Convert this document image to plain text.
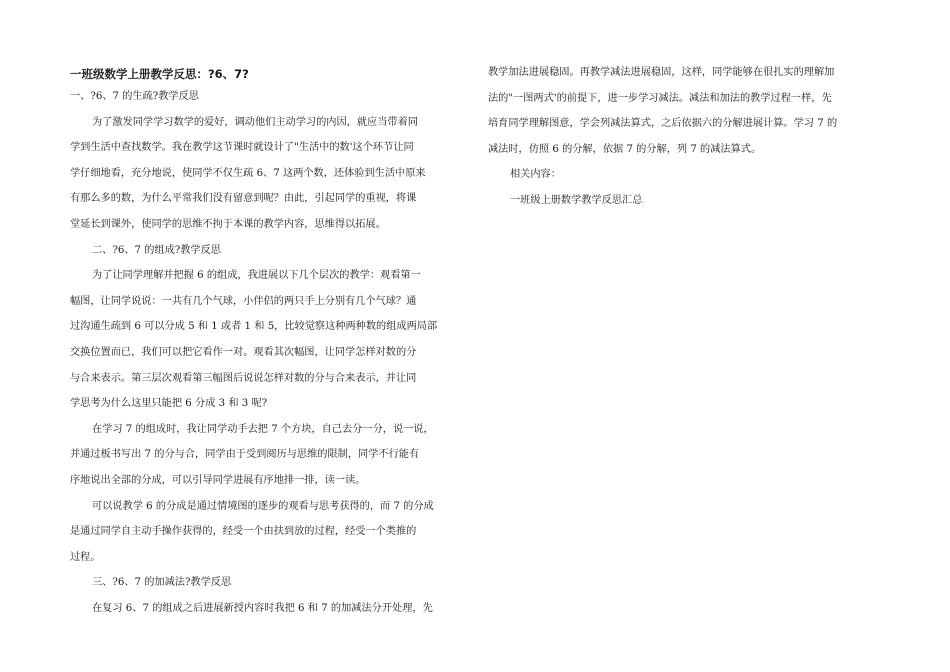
一班级数学上册教学反思：?6、7?
一、?6、7 的生疏?教学反思
为了激发同学学习数学的爱好，调动他们主动学习的内因，就应当带着同
学到生活中查找数学。我在教学这节课时就设计了"生活中的数'这个环节让同
学仔细地看，充分地说，使同学不仅生疏 6、7 这两个数，还体验到生活中原来
有那么多的数，为什么平常我们没有留意到呢？由此，引起同学的重视，将课
堂延长到课外，使同学的思维不拘于本课的教学内容，思维得以拓展。
二、?6、7 的组成?教学反思
为了让同学理解并把握 6 的组成，我进展以下几个层次的教学：观看第一
幅图，让同学说说：一共有几个气球，小伴侣的两只手上分别有几个气球？通
过沟通生疏到 6 可以分成 5 和 1 或者 1 和 5，比较觉察这种两种数的组成两局部
交换位置而已，我们可以把它看作一对。观看其次幅图，让同学怎样对数的分
与合来表示。第三层次观看第三幅图后说说怎样对数的分与合来表示，并让同
学思考为什么这里只能把 6 分成 3 和 3 呢?
在学习 7 的组成时，我让同学动手去把 7 个方块，自己去分一分，说一说，
并通过板书写出 7 的分与合，同学由于受到阅历与思维的限制，同学不行能有
序地说出全部的分成，可以引导同学进展有序地排一排，读一读。
可以说教学 6 的分成是通过情境图的逐步的观看与思考获得的，而 7 的分成
是通过同学自主动手操作获得的，经受一个由扶到放的过程，经受一个类推的
过程。
三、?6、7 的加减法?教学反思
在复习 6、7 的组成之后进展新授内容时我把 6 和 7 的加减法分开处理，先
教学加法进展稳固。再教学减法进展稳固，这样，同学能够在很扎实的理解加
法的"一图两式'的前提下，进一步学习减法。减法和加法的教学过程一样，先
培育同学理解图意，学会列减法算式，之后依据六的分解进展计算。学习 7 的
减法时，仿照 6 的分解，依据 7 的分解，列 7 的减法算式。
相关内容：
一班级上册数学教学反思汇总
